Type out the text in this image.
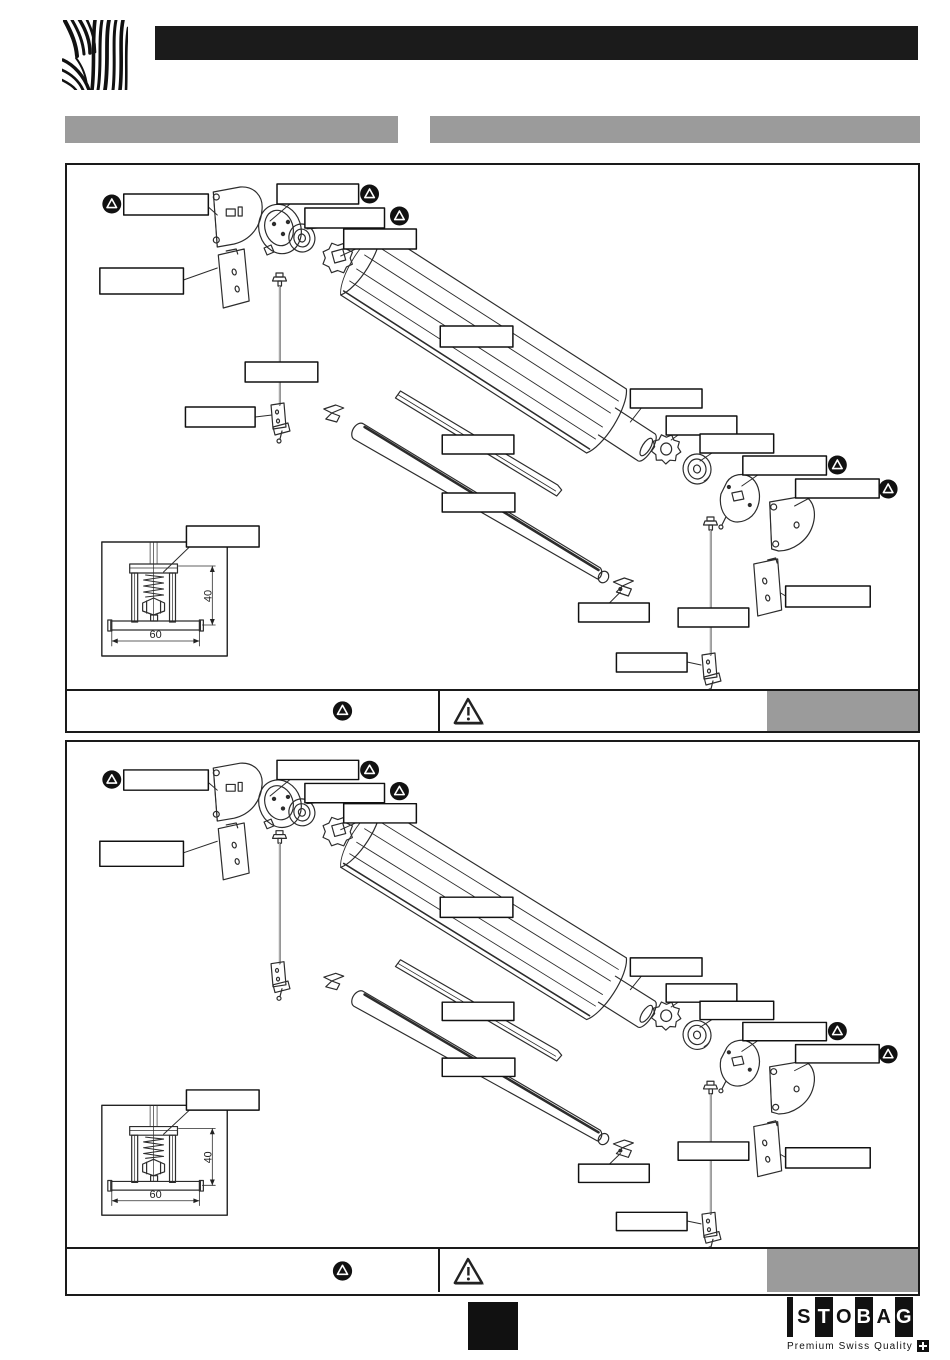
40
60
40
60
S T O B A G
Premium Swiss Quality
